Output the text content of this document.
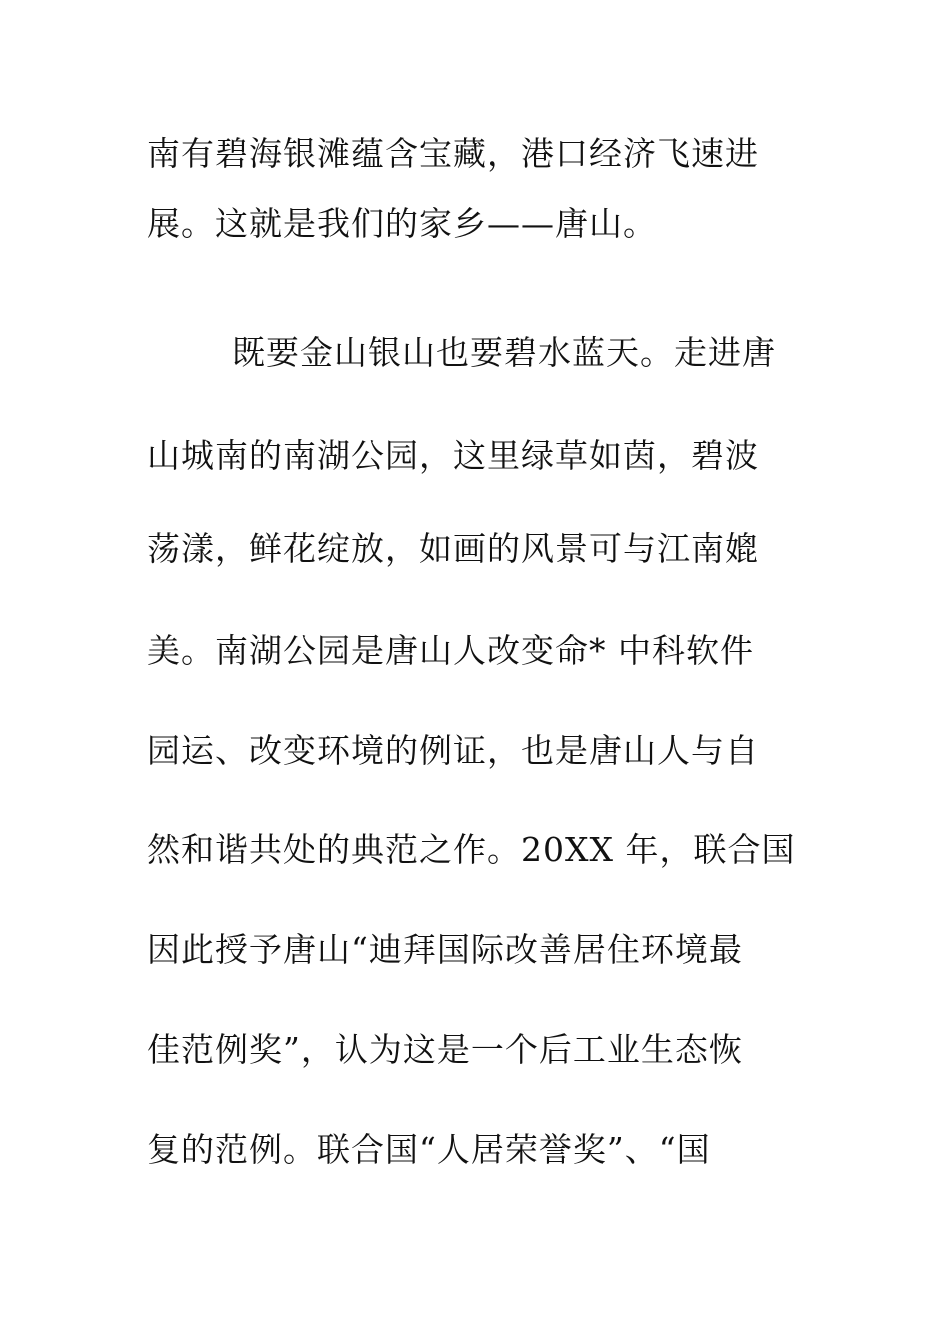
南有碧海银滩蕴含宝藏，港口经济飞速进
展。这就是我们的家乡——唐山。
既要金山银山也要碧水蓝天。走进唐
山城南的南湖公园，这里绿草如茵，碧波
荡漾，鲜花绽放，如画的风景可与江南媲
美。南湖公园是唐山人改变命* 中科软件
园运、改变环境的例证，也是唐山人与自
然和谐共处的典范之作。20XX 年，联合国
因此授予唐山“迪拜国际改善居住环境最
佳范例奖”，认为这是一个后工业生态恢
复的范例。联合国“人居荣誉奖”、“国
